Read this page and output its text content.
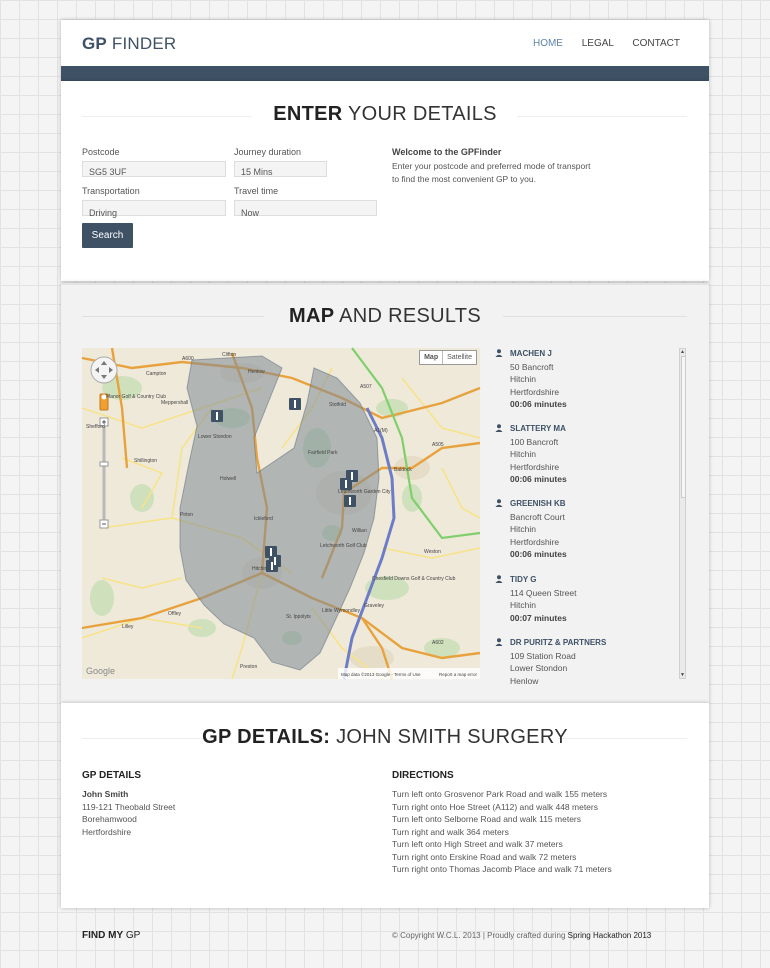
GP FINDER	HOME LEGAL CONTACT
ENTER YOUR DETAILS
Postcode
SG5 3UF
Journey duration
15 Mins
Transportation
Driving
Travel time
Now
Search
Welcome to the GPFinder
Enter your postcode and preferred mode of transport to find the most convenient GP to you.
MAP AND RESULTS
Clifton
Henlow
Campton
Stotfold
Meppershall
Shefford
Fairfield Park
Lower Stondon
Shillington
Holwell
Baldock
Letchworth Garden City
Ickleford
Pirton
Weston
Willian
Letchworth Golf Club
Hitchin
Chesfield Downs Golf & Country Club
Little Wymondley
Graveley
St. Ippolyts
Offley
Lilley
Preston
Manor Golf & Country Club
A1(M)
A507
A505
A600
A602
Google	Map data ©2013 Google - Terms of Use	Report a map error
Map	Satellite	MACHEN J
50 Bancroft
Hitchin
Hertfordshire
00:06 minutes
SLATTERY MA
100 Bancroft
Hitchin
Hertfordshire
00:06 minutes
GREENISH KB
Bancroft Court
Hitchin
Hertfordshire
00:06 minutes
TIDY G
114 Queen Street
Hitchin
00:07 minutes
DR PURITZ & PARTNERS
109 Station Road
Lower Stondon
Henlow
▲
▼
GP DETAILS: JOHN SMITH SURGERY
GP DETAILS	DIRECTIONS
John Smith
119-121 Theobald Street
Borehamwood
Hertfordshire
Turn left onto Grosvenor Park Road and walk 155 meters
Turn right onto Hoe Street (A112) and walk 448 meters
Turn left onto Selborne Road and walk 115 meters
Turn right and walk 364 meters
Turn left onto High Street and walk 37 meters
Turn right onto Erskine Road and walk 72 meters
Turn right onto Thomas Jacomb Place and walk 71 meters
FIND MY GP	© Copyright W.C.L. 2013 | Proudly crafted during Spring Hackathon 2013
